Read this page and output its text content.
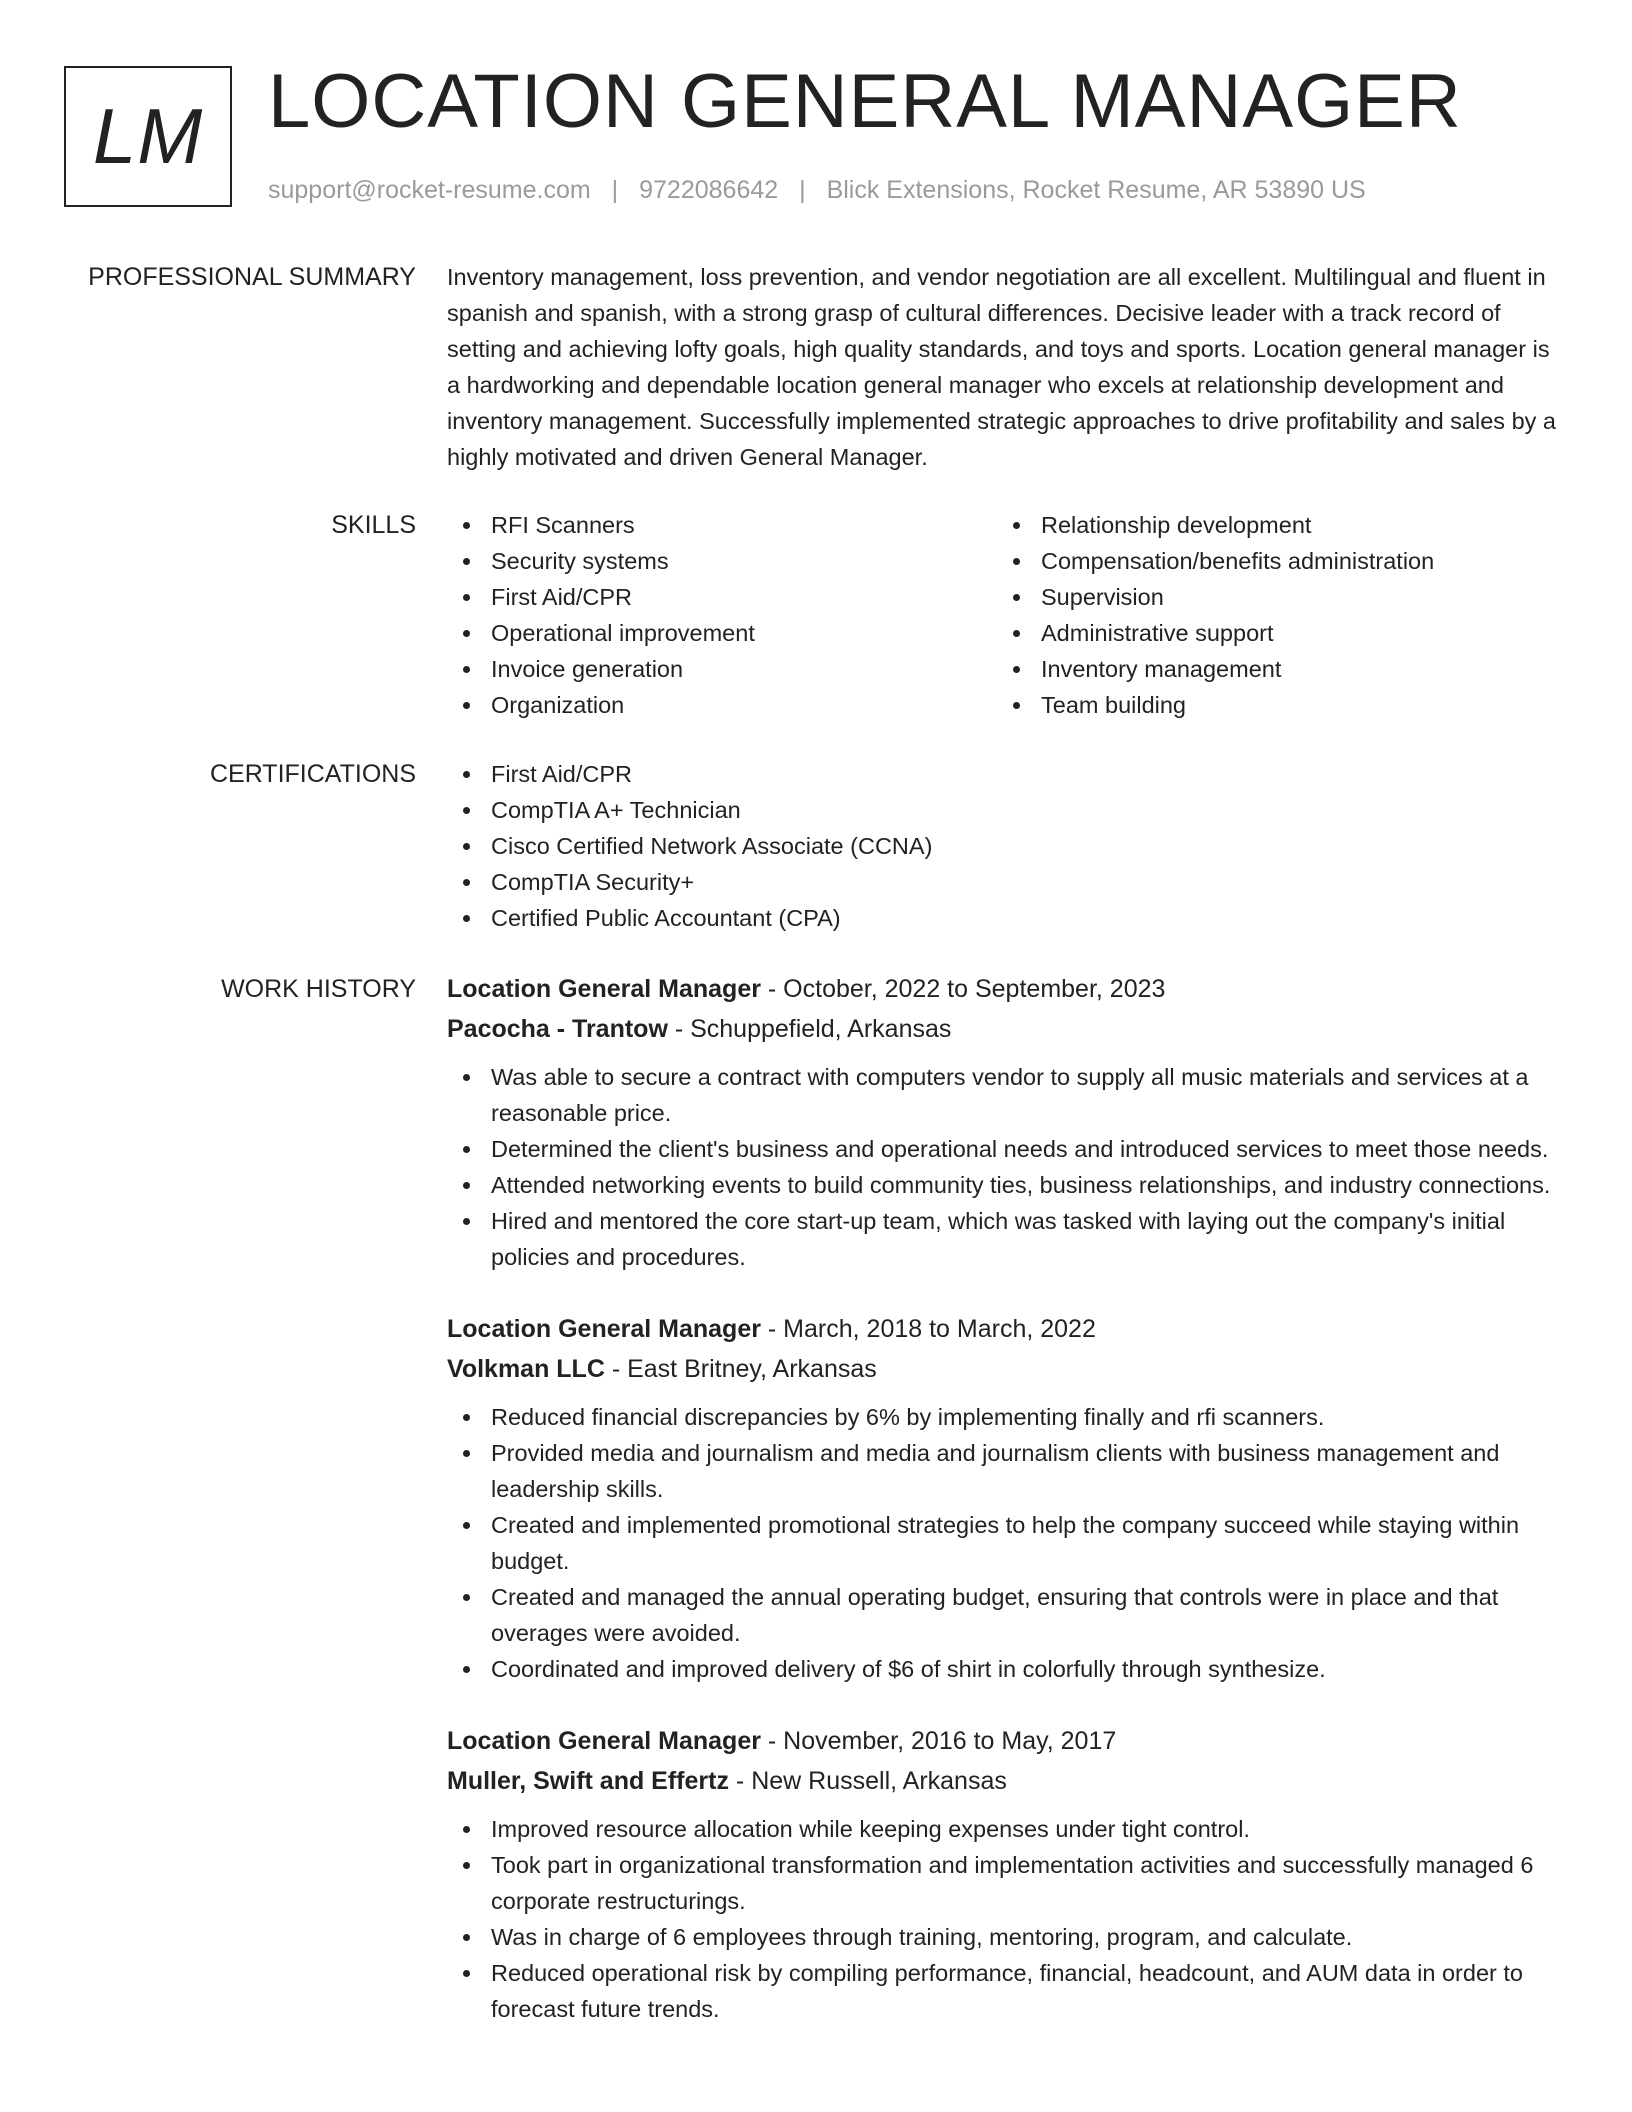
LM LOCATION GENERAL MANAGER
support@rocket-resume.com | 9722086642 | Blick Extensions, Rocket Resume, AR 53890 US
PROFESSIONAL SUMMARY Inventory management, loss prevention, and vendor negotiation are all excellent. Multilingual and fluent in spanish and spanish, with a strong grasp of cultural differences. Decisive leader with a track record of setting and achieving lofty goals, high quality standards, and toys and sports. Location general manager is a hardworking and dependable location general manager who excels at relationship development and inventory management. Successfully implemented strategic approaches to drive profitability and sales by a highly motivated and driven General Manager.
SKILLS	RFI Scanners
Security systems
First Aid/CPR
Operational improvement
Invoice generation
Organization
Relationship development
Compensation/benefits administration
Supervision
Administrative support
Inventory management
Team building
CERTIFICATIONS	First Aid/CPR
CompTIA A+ Technician
Cisco Certified Network Associate (CCNA)
CompTIA Security+
Certified Public Accountant (CPA)
WORK HISTORY Location General Manager - October, 2022 to September, 2023
Pacocha - Trantow - Schuppefield, Arkansas
Was able to secure a contract with computers vendor to supply all music materials and services at a reasonable price.
Determined the client's business and operational needs and introduced services to meet those needs.
Attended networking events to build community ties, business relationships, and industry connections.
Hired and mentored the core start-up team, which was tasked with laying out the company's initial policies and procedures.
Location General Manager - March, 2018 to March, 2022
Volkman LLC - East Britney, Arkansas
Reduced financial discrepancies by 6% by implementing finally and rfi scanners.
Provided media and journalism and media and journalism clients with business management and leadership skills.
Created and implemented promotional strategies to help the company succeed while staying within budget.
Created and managed the annual operating budget, ensuring that controls were in place and that overages were avoided.
Coordinated and improved delivery of $6 of shirt in colorfully through synthesize.
Location General Manager - November, 2016 to May, 2017
Muller, Swift and Effertz - New Russell, Arkansas
Improved resource allocation while keeping expenses under tight control.
Took part in organizational transformation and implementation activities and successfully managed 6 corporate restructurings.
Was in charge of 6 employees through training, mentoring, program, and calculate.
Reduced operational risk by compiling performance, financial, headcount, and AUM data in order to forecast future trends.
